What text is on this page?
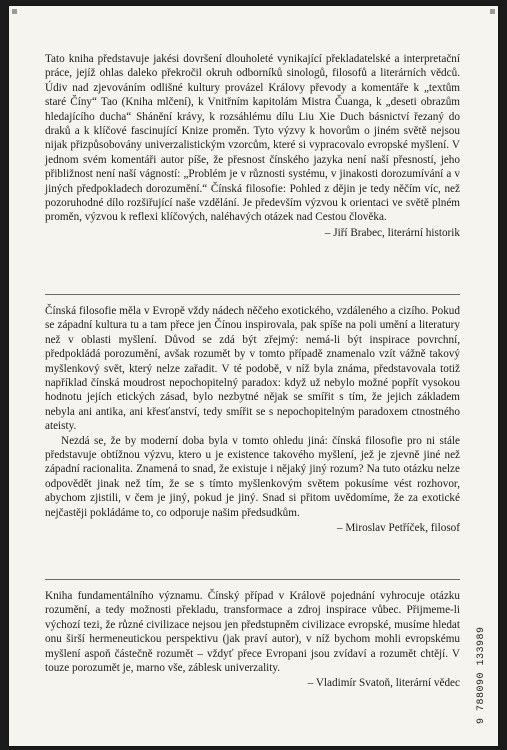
Tato kniha představuje jakési dovršení dlouholeté vynikající překladatelské a interpretační práce, jejíž ohlas daleko překročil okruh odborníků sinologů, filosofů a literárních vědců. Údiv nad zjevováním odlišné kultury provázel Královy převody a komentáře k „textům staré Číny“ Tao (Kniha mlčení), k Vnitřním kapitolám Mistra Čuanga, k „deseti obrazům hledajícího ducha“ Shánění krávy, k rozsáhlému dílu Liu Xie Duch básnictví řezaný do draků a k klíčové fascinující Knize proměn. Tyto výzvy k hovorům o jiném světě nejsou nijak přizpůsobovány univerzalistickým vzorcům, které si vypracovalo evropské myšlení. V jednom svém komentáři autor píše, že přesnost čínského jazyka není naší přesností, jeho přibližnost není naší vágností: „Problém je v různosti systému, v jinakosti dorozumívání a v jiných předpokladech dorozumění.“ Čínská filosofie: Pohled z dějin je tedy něčím víc, než pozoruhodné dílo rozšiřující naše vzdělání. Je především výzvou k orientaci ve světě plném proměn, výzvou k reflexi klíčových, naléhavých otázek nad Cestou člověka.

– Jiří Brabec, literární historik

Čínská filosofie měla v Evropě vždy nádech něčeho exotického, vzdáleného a cizího. Pokud se západní kultura tu a tam přece jen Čínou inspirovala, pak spíše na poli umění a literatury než v oblasti myšlení. Důvod se zdá být zřejmý: nemá-li být inspirace povrchní, předpokládá porozumění, avšak rozumět by v tomto případě znamenalo vzít vážně takový myšlenkový svět, který nelze zařadit. V té podobě, v níž byla známa, představovala totiž například čínská moudrost nepochopitelný paradox: když už nebylo možné popřít vysokou hodnotu jejích etických zásad, bylo nezbytné nějak se smířit s tím, že jejich základem nebyla ani antika, ani křesťanství, tedy smířit se s nepochopitelným paradoxem ctnostného ateisty.

Nezdá se, že by moderní doba byla v tomto ohledu jiná: čínská filosofie pro ni stále představuje obtížnou výzvu, ktero u je existence takového myšlení, jež je zjevně jiné než západní racionalita. Znamená to snad, že existuje i nějaký jiný rozum? Na tuto otázku nelze odpovědět jinak než tím, že se s tímto myšlenkovým světem pokusíme vést rozhovor, abychom zjistili, v čem je jiný, pokud je jiný. Snad si přitom uvědomíme, že za exotické nejčastěji pokládáme to, co odporuje našim předsudkům.

– Miroslav Petříček, filosof

Kniha fundamentálního významu. Čínský případ v Královë pojednání vyhrocuje otázku rozumění, a tedy možnosti překladu, transformace a zdroj inspirace vůbec. Přijmeme-li výchozí tezi, že různé civilizace nejsou jen předstupněm civilizace evropské, musíme hledat onu širší hermeneutickou perspektivu (jak praví autor), v níž bychom mohli evropskému myšlení aspoň částečně rozumět – vždyť přece Evropani jsou zvídaví a rozumět chtějí. V touze porozumět je, marno vše, záblesk univerzality.

– Vladimír Svatoň, literární vědec 9 788090 133989
